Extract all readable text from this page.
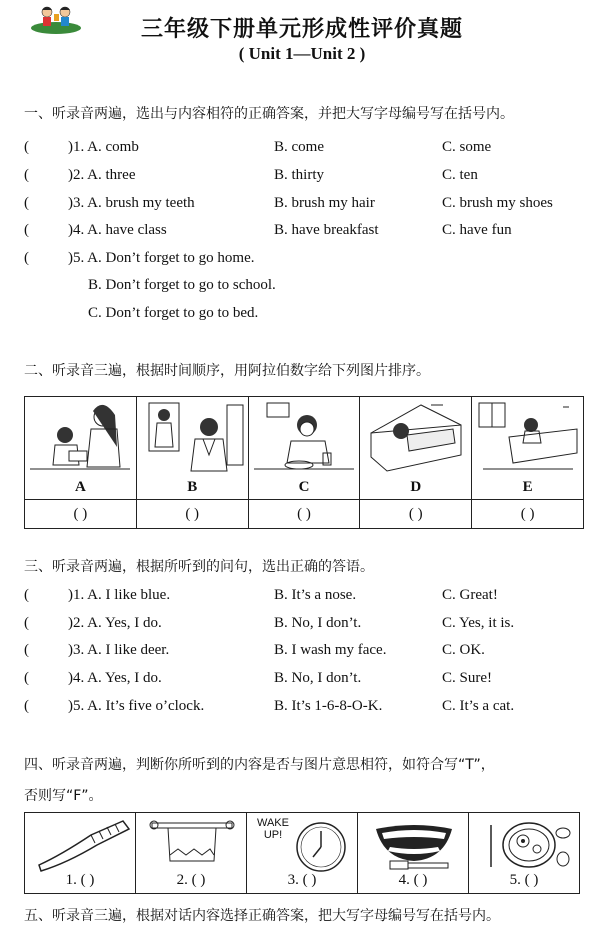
三年级下册单元形成性评价真题
( Unit 1—Unit 2 )
一、听录音两遍，选出与内容相符的正确答案，并把大写字母编号写在括号内。
(	)1. A. comb	B. come	C. some
(	)2. A. three	B. thirty	C. ten
(	)3. A. brush my teeth	B. brush my hair	C. brush my shoes
(	)4. A. have class	B. have breakfast	C. have fun
(	)5. A. Don’t forget to go home.
B. Don’t forget to go to school.
C. Don’t forget to go to bed.
二、听录音三遍，根据时间顺序，用阿拉伯数字给下列图片排序。
A	B	C	D	E

( )	( )	( )	( )	( )
三、听录音两遍，根据所听到的问句，选出正确的答语。
(	)1. A. I like blue.	B. It’s a nose.	C. Great!
(	)2. A. Yes, I do.	B. No, I don’t.	C. Yes, it is.
(	)3. A. I like deer.	B. I wash my face.	C. OK.
(	)4. A. Yes, I do.	B. No, I don’t.	C. Sure!
(	)5. A. It’s five o’clock.	B. It’s 1-6-8-O-K.	C. It’s a cat.
四、听录音两遍，判断你所听到的内容是否与图片意思相符，如符合写“T”，
否则写“F”。
1. ( )	2. ( )

WAKE
UP!
3. ( )	4. ( )	5. ( )
五、听录音三遍，根据对话内容选择正确答案，把大写字母编号写在括号内。
